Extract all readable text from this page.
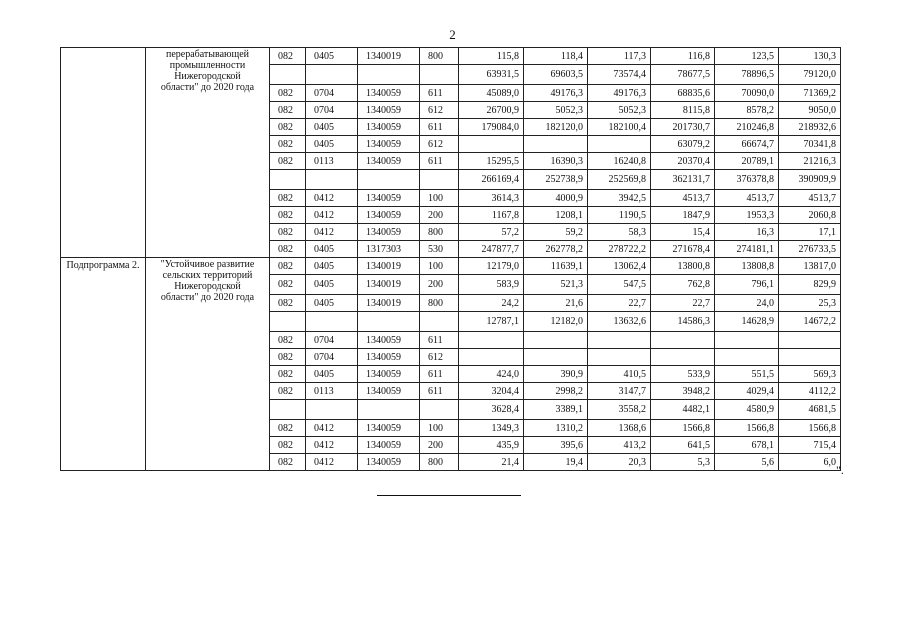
2
	перерабатывающей
промышленности
Нижегородской
области" до 2020 года	082	0405	1340019	800	115,8	118,4	117,3	116,8	123,5	130,3
						63931,5	69603,5	73574,4	78677,5	78896,5	79120,0
		082	0704	1340059	611	45089,0	49176,3	49176,3	68835,6	70090,0	71369,2
		082	0704	1340059	612	26700,9	5052,3	5052,3	8115,8	8578,2	9050,0
		082	0405	1340059	611	179084,0	182120,0	182100,4	201730,7	210246,8	218932,6
		082	0405	1340059	612				63079,2	66674,7	70341,8
		082	0113	1340059	611	15295,5	16390,3	16240,8	20370,4	20789,1	21216,3
						266169,4	252738,9	252569,8	362131,7	376378,8	390909,9
		082	0412	1340059	100	3614,3	4000,9	3942,5	4513,7	4513,7	4513,7
		082	0412	1340059	200	1167,8	1208,1	1190,5	1847,9	1953,3	2060,8
		082	0412	1340059	800	57,2	59,2	58,3	15,4	16,3	17,1
		082	0405	1317303	530	247877,7	262778,2	278722,2	271678,4	274181,1	276733,5
Подпрограмма 2.	"Устойчивое развитие
сельских территорий
Нижегородской
области" до 2020 года	082	0405	1340019	100	12179,0	11639,1	13062,4	13800,8	13808,8	13817,0
		082	0405	1340019	200	583,9	521,3	547,5	762,8	796,1	829,9
		082	0405	1340019	800	24,2	21,6	22,7	22,7	24,0	25,3
						12787,1	12182,0	13632,6	14586,3	14628,9	14672,2
		082	0704	1340059	611						
		082	0704	1340059	612						
		082	0405	1340059	611	424,0	390,9	410,5	533,9	551,5	569,3
		082	0113	1340059	611	3204,4	2998,2	3147,7	3948,2	4029,4	4112,2
						3628,4	3389,1	3558,2	4482,1	4580,9	4681,5
		082	0412	1340059	100	1349,3	1310,2	1368,6	1566,8	1566,8	1566,8
		082	0412	1340059	200	435,9	395,6	413,2	641,5	678,1	715,4
		082	0412	1340059	800	21,4	19,4	20,3	5,3	5,6	6,0
".
